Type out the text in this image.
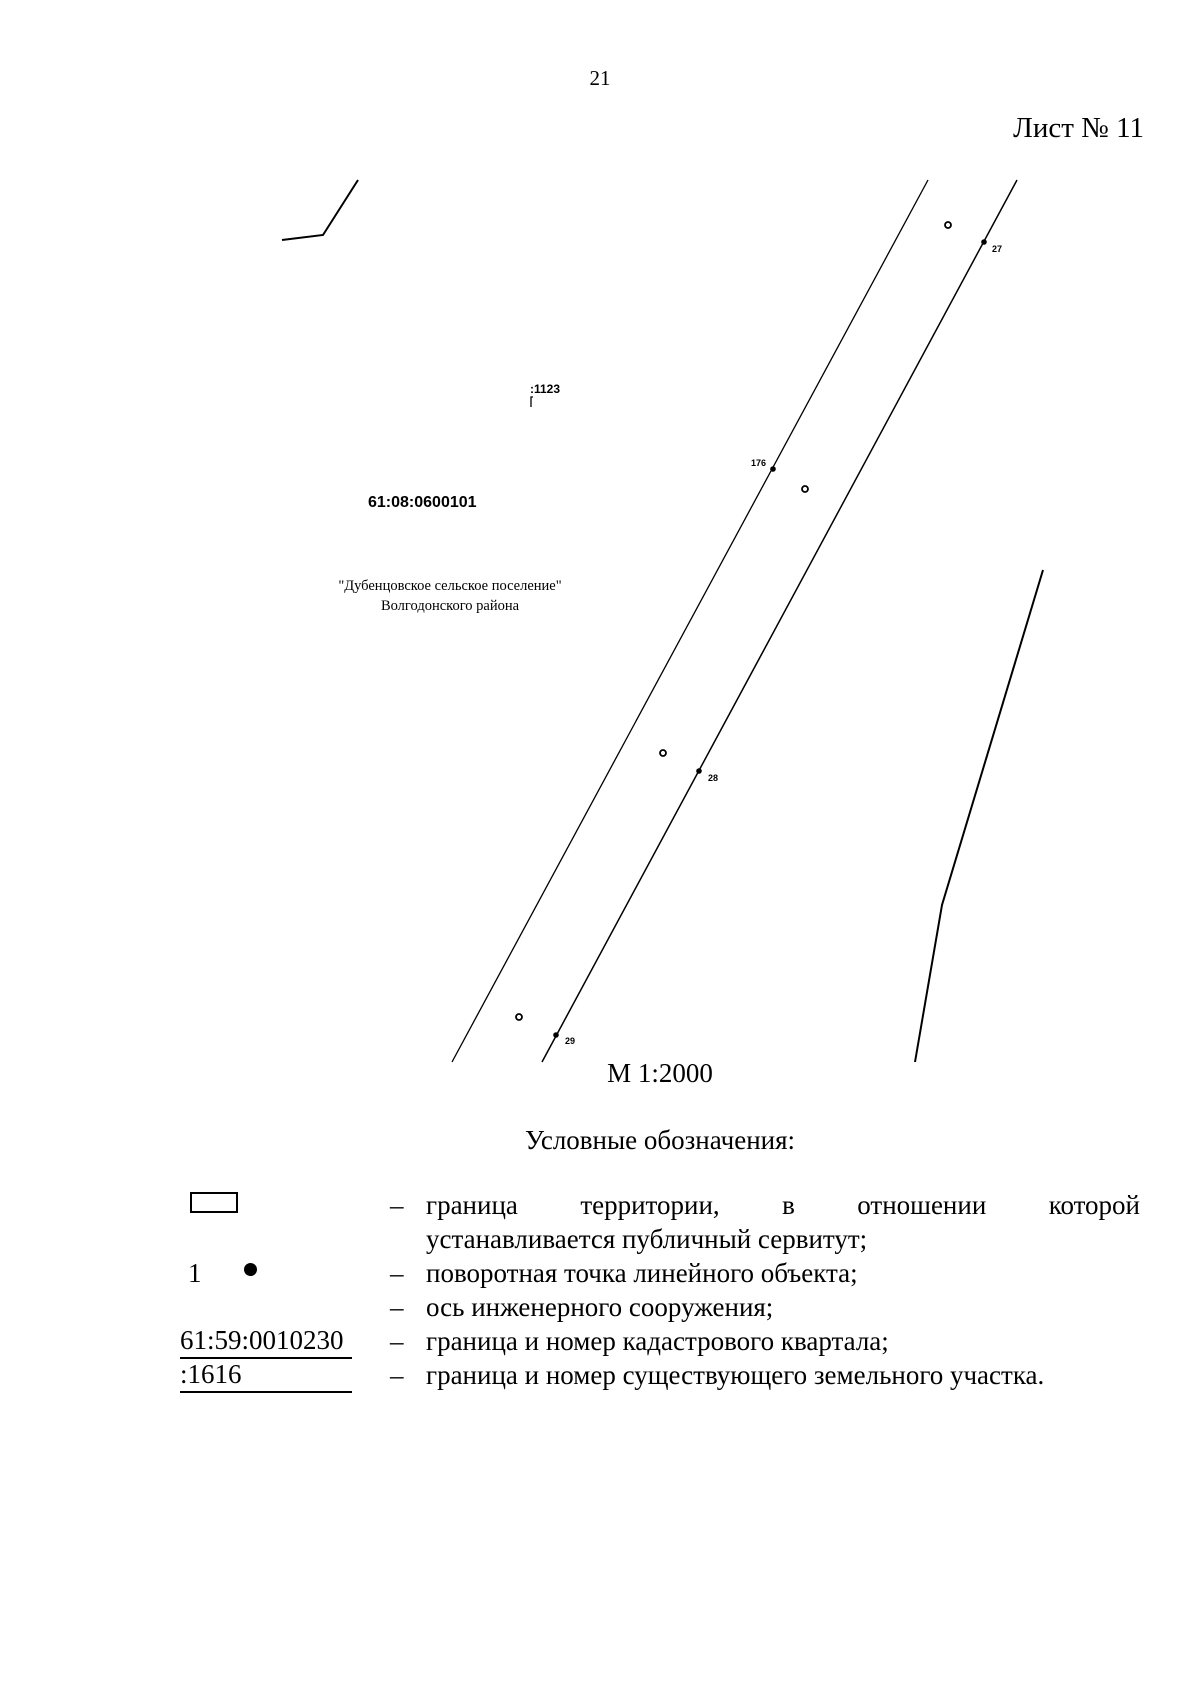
21
Лист № 11
27
176
28
29
:1123
61:08:0600101
"Дубенцовское сельское поселение"
Волгодонского района
М 1:2000
Условные обозначения:
– граница территории, в отношении которой
устанавливается публичный сервитут;
1	– поворотная точка линейного объекта;
– ось инженерного сооружения;
61:59:0010230	– граница и номер кадастрового квартала;
:1616	– граница и номер существующего земельного участка.
